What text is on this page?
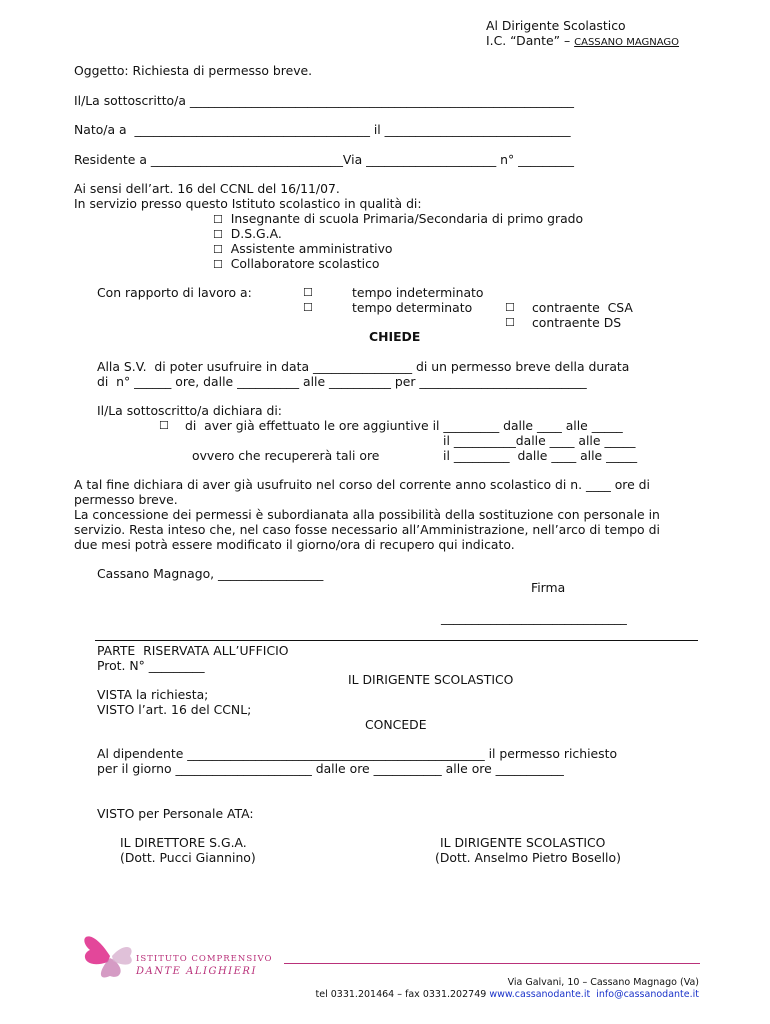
Al Dirigente Scolastico
I.C. “Dante” – CASSANO MAGNAGO
Oggetto: Richiesta di permesso breve.
Il/La sottoscritto/a ______________________________________________________________
Nato/a a  ______________________________________ il ______________________________
Residente a _______________________________Via _____________________ n° _________
Ai sensi dell’art. 16 del CCNL del 16/11/07.
In servizio presso questo Istituto scolastico in qualità di:
☐ Insegnante di scuola Primaria/Secondaria di primo grado
☐ D.S.G.A.
☐ Assistente amministrativo
☐ Collaboratore scolastico
Con rapporto di lavoro a:	☐	tempo indeterminato
☐	tempo determinato	☐ contraente  CSA
☐ contraente DS
CHIEDE
Alla S.V.  di poter usufruire in data ________________ di un permesso breve della durata
di  n° ______ ore, dalle __________ alle __________ per ___________________________
Il/La sottoscritto/a dichiara di:
☐ di  aver già effettuato le ore aggiuntive il _________ dalle ____ alle _____
il __________dalle ____ alle _____
ovvero che recupererà tali ore	il _________  dalle ____ alle _____
A tal fine dichiara di aver già usufruito nel corso del corrente anno scolastico di n. ____ ore di
permesso breve.
La concessione dei permessi è subordianata alla possibilità della sostituzione con personale in
servizio. Resta inteso che, nel caso fosse necessario all’Amministrazione, nell’arco di tempo di
due mesi potrà essere modificato il giorno/ora di recupero qui indicato.
Cassano Magnago, _________________
Firma
______________________________
PARTE  RISERVATA ALL’UFFICIO
Prot. N° _________
IL DIRIGENTE SCOLASTICO
VISTA la richiesta;
VISTO l’art. 16 del CCNL;
CONCEDE
Al dipendente ________________________________________________ il permesso richiesto
per il giorno ______________________ dalle ore ___________ alle ore ___________
VISTO per Personale ATA:
IL DIRETTORE S.G.A.
(Dott. Pucci Giannino)
IL DIRIGENTE SCOLASTICO
(Dott. Anselmo Pietro Bosello)
ISTITUTO COMPRENSIVO
DANTE ALIGHIERI
Via Galvani, 10 – Cassano Magnago (Va)
tel 0331.201464 – fax 0331.202749 www.cassanodante.it info@cassanodante.it
